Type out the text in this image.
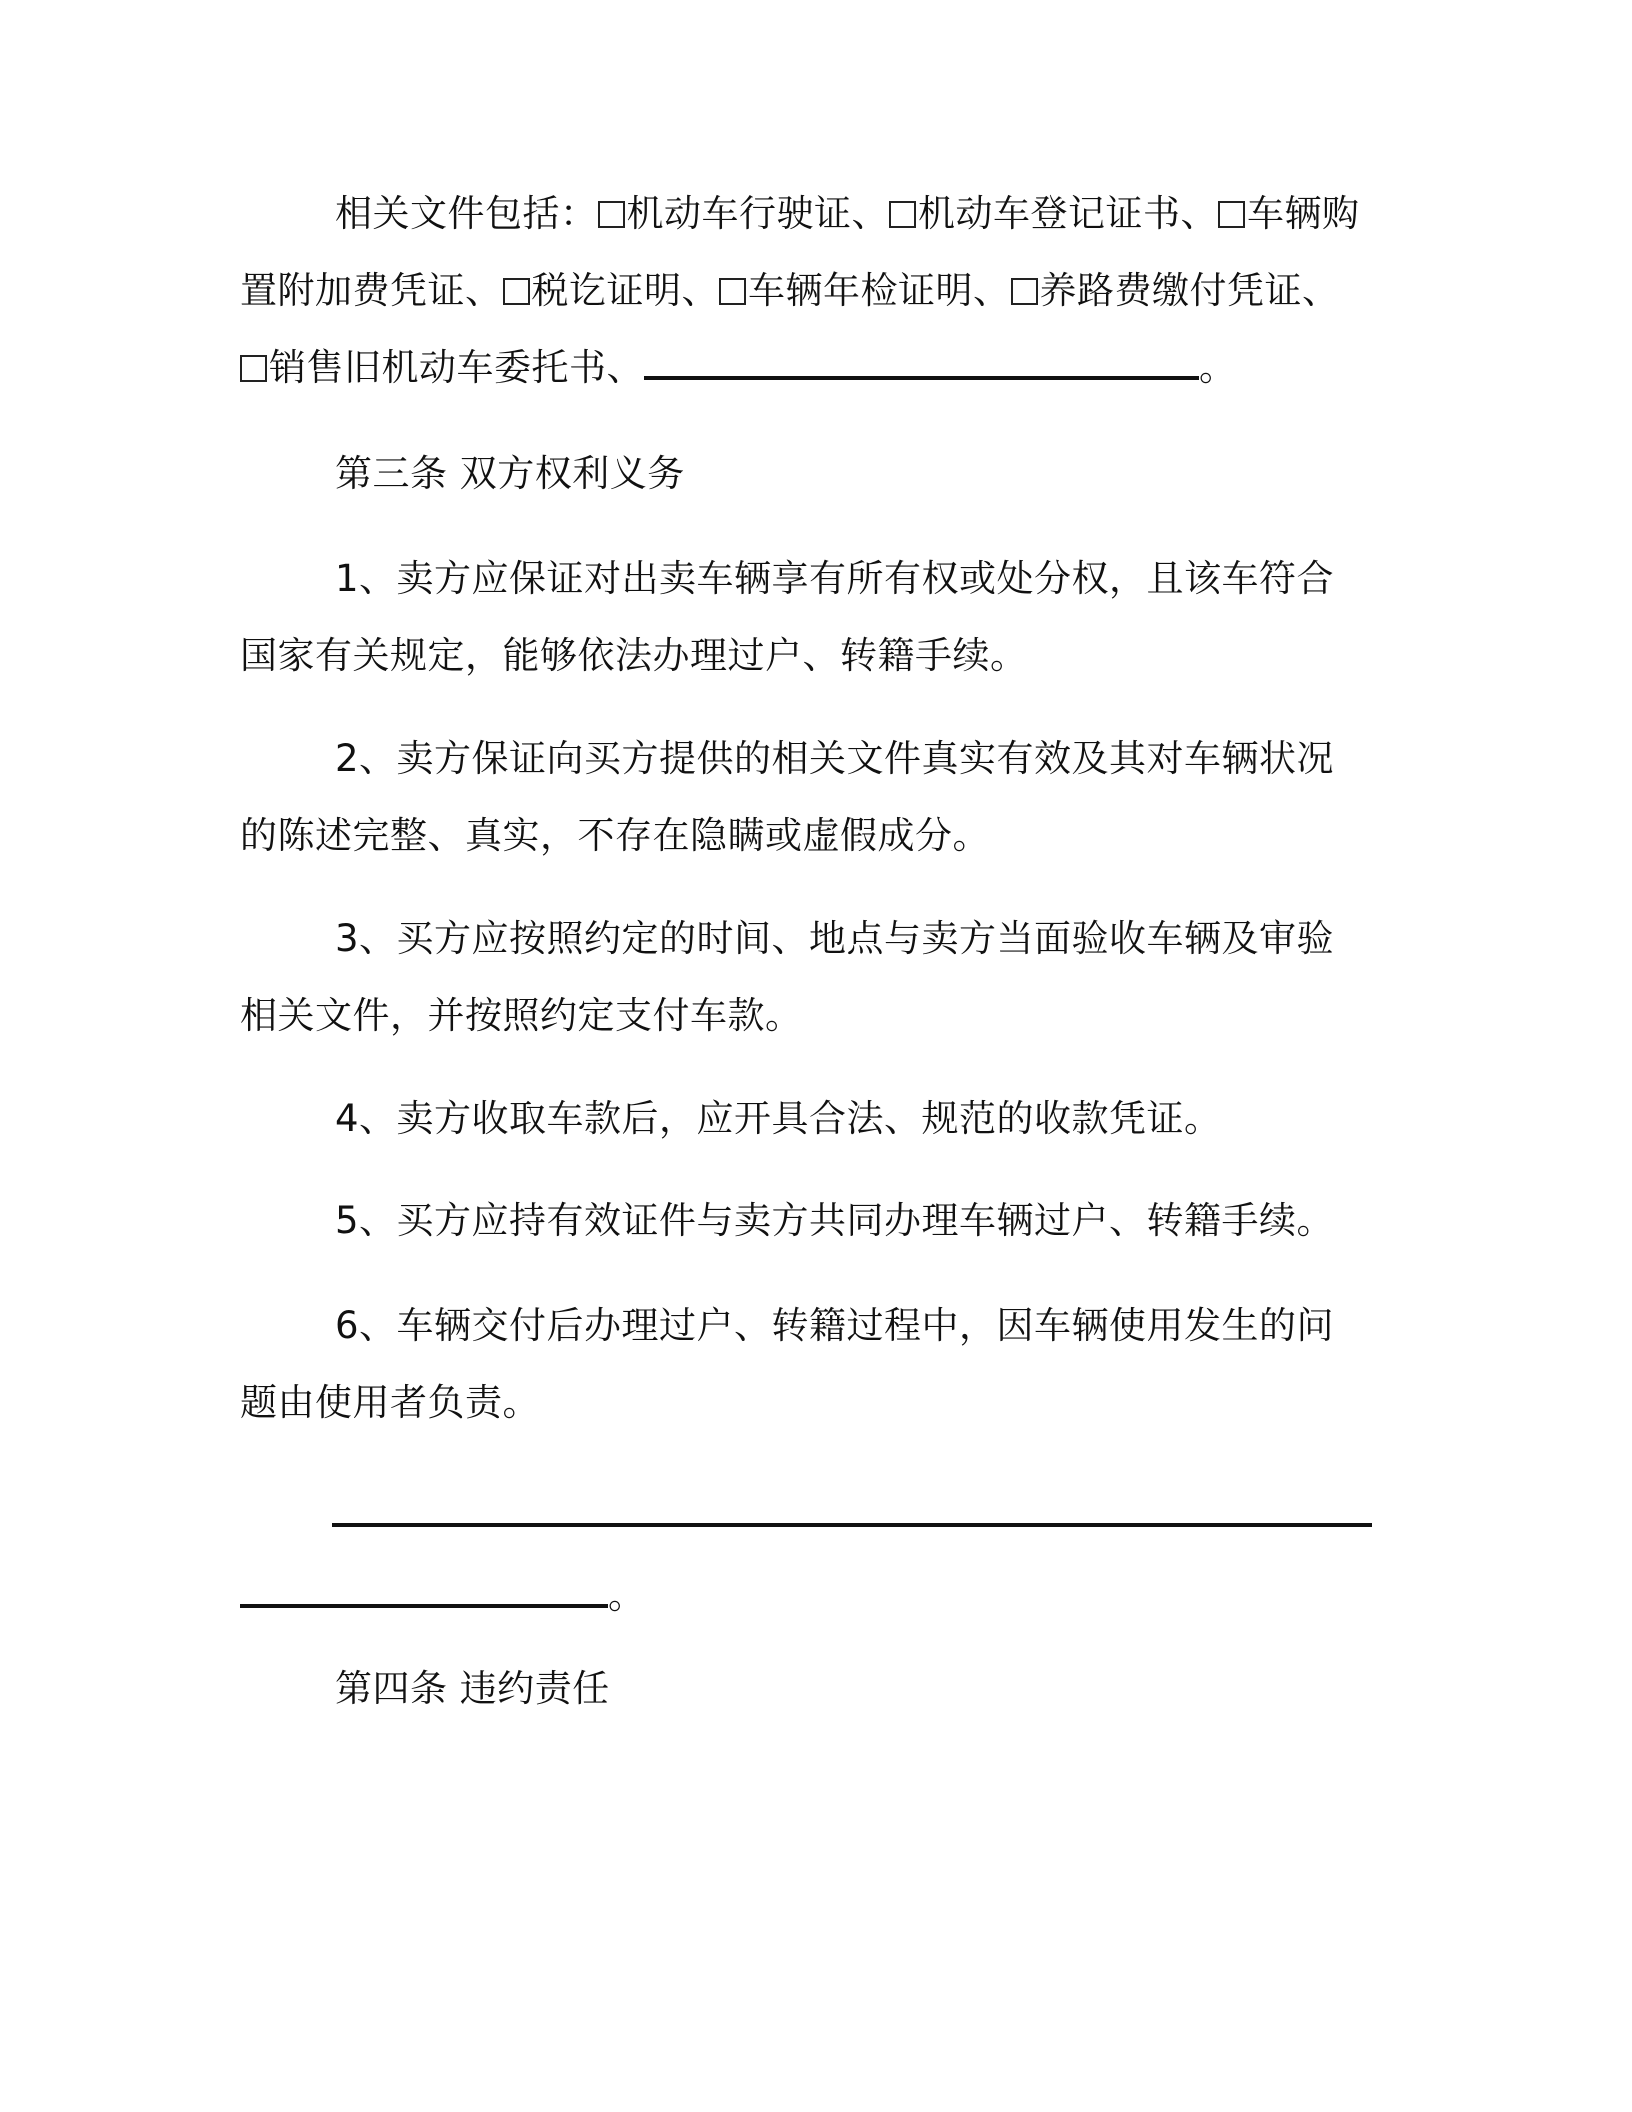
相关文件包括： 机动车行驶证、 机动车登记证书、 车辆购
置附加费凭证、 税讫证明、 车辆年检证明、 养路费缴付凭证、
销售旧机动车委托书、	。
第三条 双方权利义务

1、卖方应保证对出卖车辆享有所有权或处分权，且该车符合国家有关规定，能够依法办理过户、转籍手续。

2、卖方保证向买方提供的相关文件真实有效及其对车辆状况的陈述完整、真实，不存在隐瞒或虚假成分。

3、买方应按照约定的时间、地点与卖方当面验收车辆及审验相关文件，并按照约定支付车款。

4、卖方收取车款后，应开具合法、规范的收款凭证。

5、买方应持有效证件与卖方共同办理车辆过户、转籍手续。

6、车辆交付后办理过户、转籍过程中，因车辆使用发生的问题由使用者负责。

。
第四条 违约责任
